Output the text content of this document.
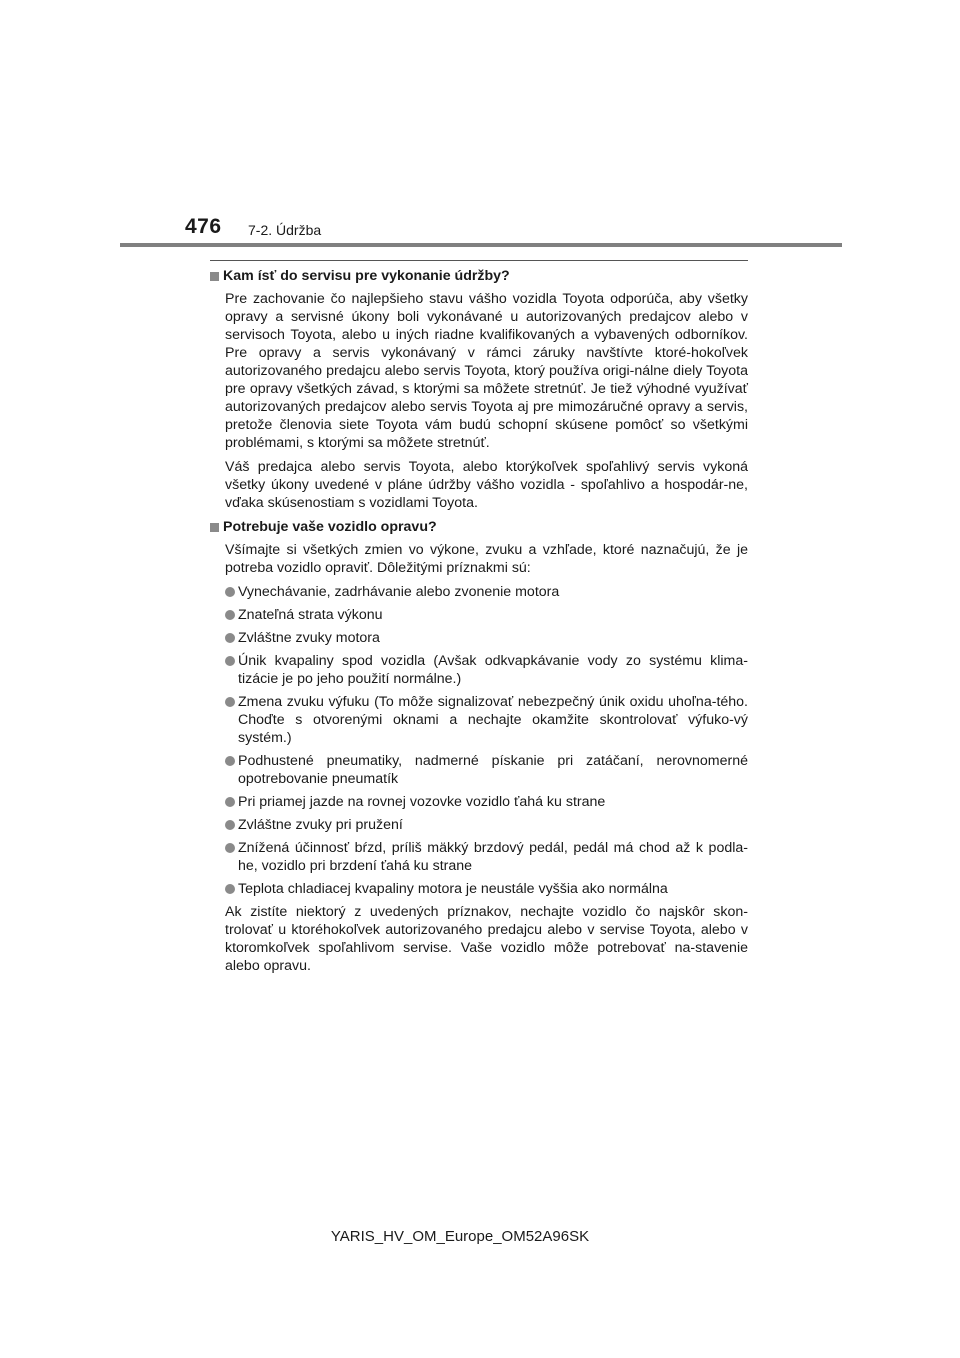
476 7-2. Údržba
Kam ísť do servisu pre vykonanie údržby?

Pre zachovanie čo najlepšieho stavu vášho vozidla Toyota odporúča, aby všetky opravy a servisné úkony boli vykonávané u autorizovaných predajcov alebo v servisoch Toyota, alebo u iných riadne kvalifikovaných a vybavených odborníkov. Pre opravy a servis vykonávaný v rámci záruky navštívte ktoré-hokoľvek autorizovaného predajcu alebo servis Toyota, ktorý používa origi-nálne diely Toyota pre opravy všetkých závad, s ktorými sa môžete stretnúť. Je tiež výhodné využívať autorizovaných predajcov alebo servis Toyota aj pre mimozáručné opravy a servis, pretože členovia siete Toyota vám budú schopní skúsene pomôcť so všetkými problémami, s ktorými sa môžete stretnúť.

Váš predajca alebo servis Toyota, alebo ktorýkoľvek spoľahlivý servis vykoná všetky úkony uvedené v pláne údržby vášho vozidla - spoľahlivo a hospodár-ne, vďaka skúsenostiam s vozidlami Toyota.

Potrebuje vaše vozidlo opravu?

Všímajte si všetkých zmien vo výkone, zvuku a vzhľade, ktoré naznačujú, že je potreba vozidlo opraviť. Dôležitými príznakmi sú:

Vynechávanie, zadrhávanie alebo zvonenie motora
Znateľná strata výkonu
Zvláštne zvuky motora
Únik kvapaliny spod vozidla (Avšak odkvapkávanie vody zo systému klima-tizácie je po jeho použití normálne.)
Zmena zvuku výfuku (To môže signalizovať nebezpečný únik oxidu uhoľna-tého. Choďte s otvorenými oknami a nechajte okamžite skontrolovať výfuko-vý systém.)
Podhustené pneumatiky, nadmerné pískanie pri zatáčaní, nerovnomerné opotrebovanie pneumatík
Pri priamej jazde na rovnej vozovke vozidlo ťahá ku strane
Zvláštne zvuky pri pružení
Znížená účinnosť bŕzd, príliš mäkký brzdový pedál, pedál má chod až k podla-he, vozidlo pri brzdení ťahá ku strane
Teplota chladiacej kvapaliny motora je neustále vyššia ako normálna

Ak zistíte niektorý z uvedených príznakov, nechajte vozidlo čo najskôr skon-trolovať u ktoréhokoľvek autorizovaného predajcu alebo v servise Toyota, alebo v ktoromkoľvek spoľahlivom servise. Vaše vozidlo môže potrebovať na-stavenie alebo opravu.

YARIS_HV_OM_Europe_OM52A96SK
